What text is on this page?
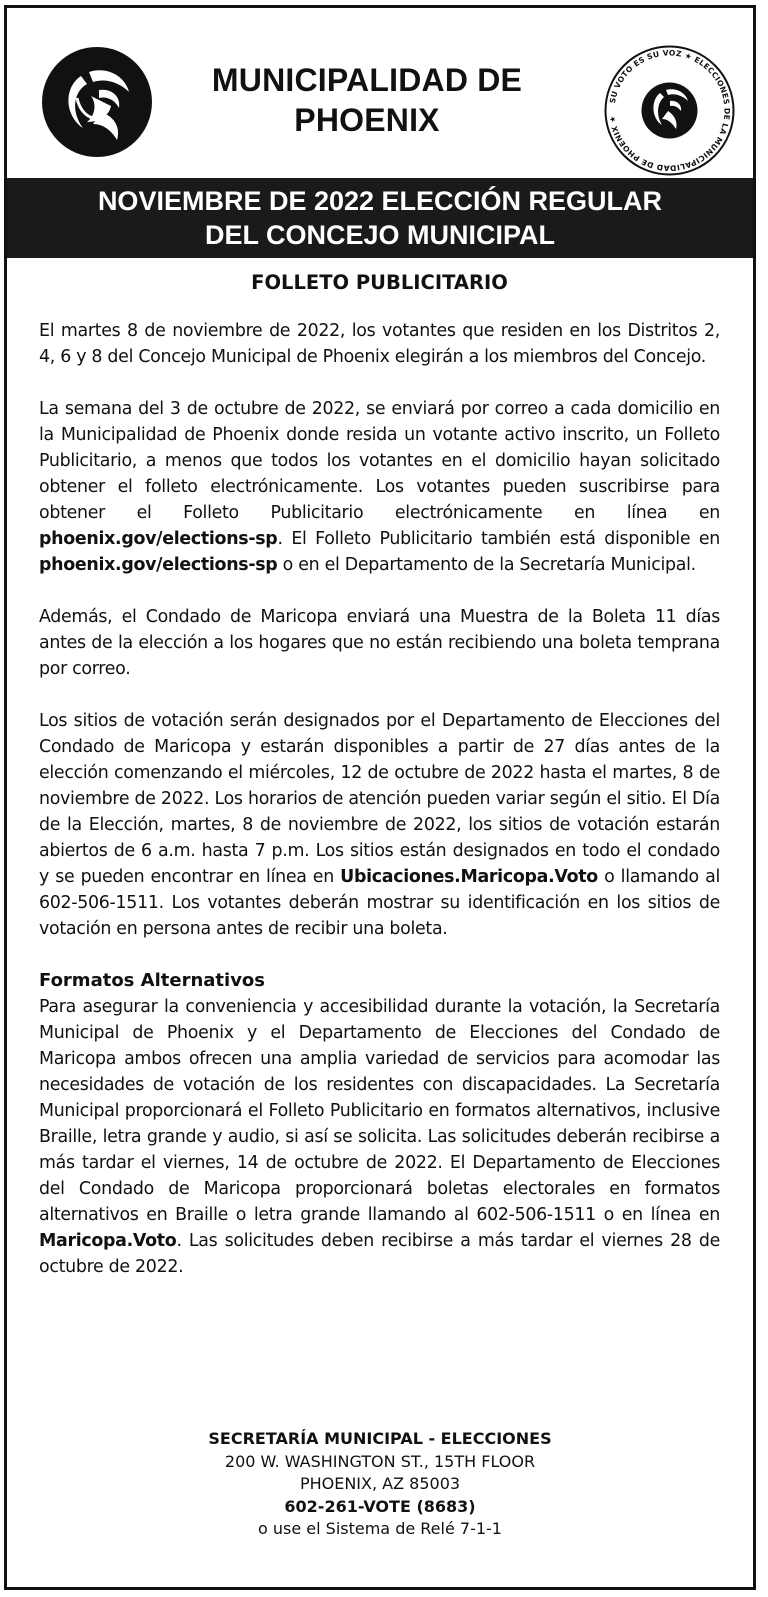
MUNICIPALIDAD DE
PHOENIX
SU VOTO ES SU VOZ ★ ELECCIONES DE LA MUNICIPALIDAD DE PHOENIX ★
NOVIEMBRE DE 2022 ELECCIÓN REGULAR
DEL CONCEJO MUNICIPAL
FOLLETO PUBLICITARIO

El martes 8 de noviembre de 2022, los votantes que residen en los Distritos 2, 4, 6 y 8 del Concejo Municipal de Phoenix elegirán a los miembros del Concejo.

La semana del 3 de octubre de 2022, se enviará por correo a cada domicilio en la Municipalidad de Phoenix donde resida un votante activo inscrito, un Folleto Publicitario, a menos que todos los votantes en el domicilio hayan solicitado obtener el folleto electrónicamente. Los votantes pueden suscribirse para obtener el Folleto Publicitario electrónicamente en línea en phoenix.gov/elections-sp. El Folleto Publicitario también está disponible en phoenix.gov/elections-sp o en el Departamento de la Secretaría Municipal.

Además, el Condado de Maricopa enviará una Muestra de la Boleta 11 días antes de la elección a los hogares que no están recibiendo una boleta temprana por correo.

Los sitios de votación serán designados por el Departamento de Elecciones del Condado de Maricopa y estarán disponibles a partir de 27 días antes de la elección comenzando el miércoles, 12 de octubre de 2022 hasta el martes, 8 de noviembre de 2022. Los horarios de atención pueden variar según el sitio. El Día de la Elección, martes, 8 de noviembre de 2022, los sitios de votación estarán abiertos de 6 a.m. hasta 7 p.m. Los sitios están designados en todo el condado y se pueden encontrar en línea en Ubicaciones.Maricopa.Voto o llamando al 602-506-1511. Los votantes deberán mostrar su identificación en los sitios de votación en persona antes de recibir una boleta.

Formatos Alternativos

Para asegurar la conveniencia y accesibilidad durante la votación, la Secretaría Municipal de Phoenix y el Departamento de Elecciones del Condado de Maricopa ambos ofrecen una amplia variedad de servicios para acomodar las necesidades de votación de los residentes con discapacidades. La Secretaría Municipal proporcionará el Folleto Publicitario en formatos alternativos, inclusive Braille, letra grande y audio, si así se solicita. Las solicitudes deberán recibirse a más tardar el viernes, 14 de octubre de 2022. El Departamento de Elecciones del Condado de Maricopa proporcionará boletas electorales en formatos alternativos en Braille o letra grande llamando al 602-506-1511 o en línea en Maricopa.Voto. Las solicitudes deben recibirse a más tardar el viernes 28 de octubre de 2022.

SECRETARÍA MUNICIPAL - ELECCIONES
200 W. WASHINGTON ST., 15TH FLOOR
PHOENIX, AZ 85003
602-261-VOTE (8683)
o use el Sistema de Relé 7-1-1
